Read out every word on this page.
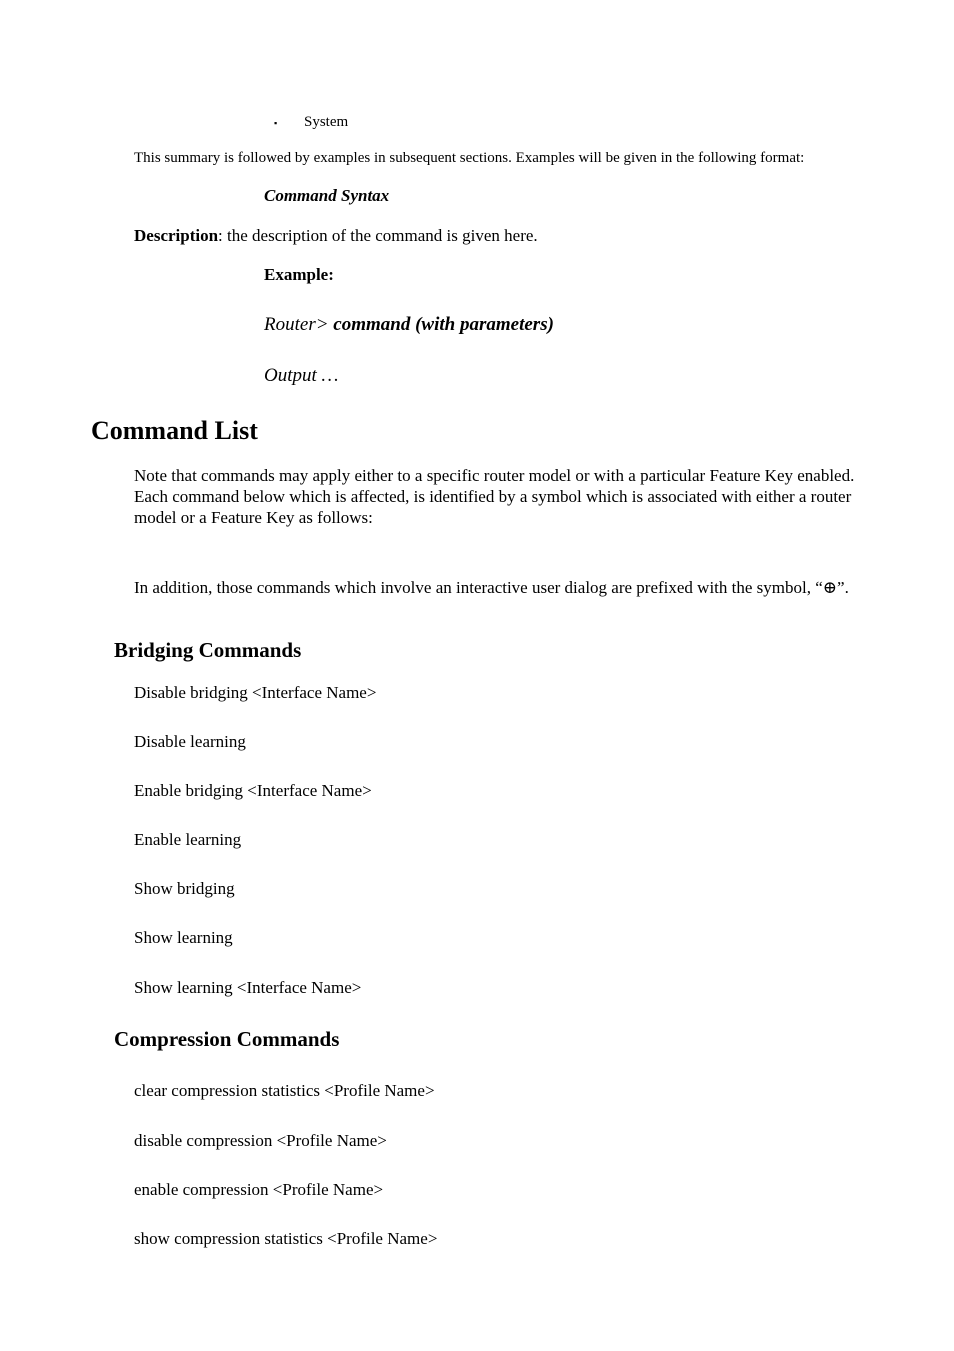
▪ System
This summary is followed by examples in subsequent sections. Examples will be given in the following format:
Command Syntax
Description: the description of the command is given here.
Example:
Router> command (with parameters)
Output …
Command List
Note that commands may apply either to a specific router model or with a particular Feature Key enabled. Each command below which is affected, is identified by a symbol which is associated with either a router model or a Feature Key as follows:
In addition, those commands which involve an interactive user dialog are prefixed with the symbol, “⊕”.
Bridging Commands
Disable bridging <Interface Name>
Disable learning
Enable bridging <Interface Name>
Enable learning
Show bridging
Show learning
Show learning <Interface Name>
Compression Commands
clear compression statistics <Profile Name>
disable compression <Profile Name>
enable compression <Profile Name>
show compression statistics <Profile Name>
